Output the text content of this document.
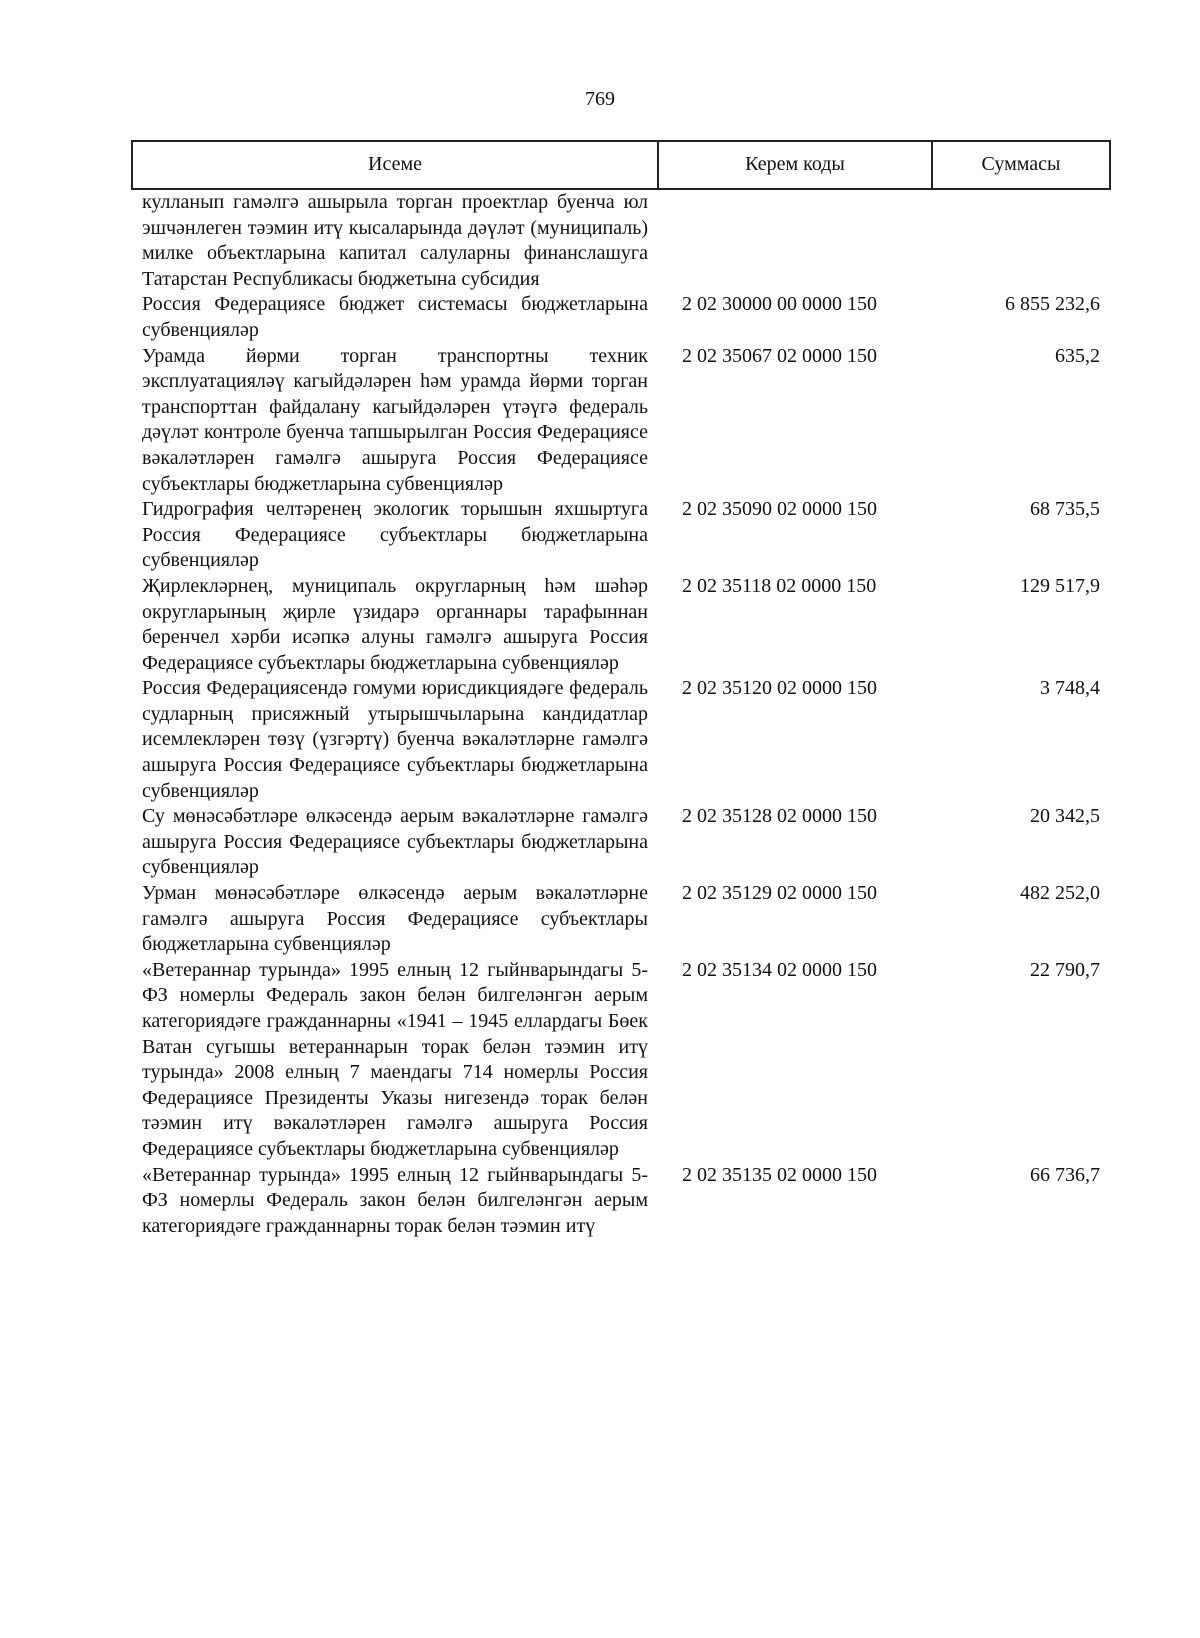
769
Исеме	Керем коды	Суммасы
кулланып гамәлгә ашырыла торган проектлар буенча юл эшчәнлеген тәэмин итү кысаларында дәүләт (муниципаль) милке объектларына капитал салуларны финанслашуга Татарстан Республикасы бюджетына субсидия		
Россия Федерациясе бюджет системасы бюджетларына субвенцияләр	2 02 30000 00 0000 150	6 855 232,6
Урамда йөрми торган транспортны техник эксплуатацияләү кагыйдәләрен һәм урамда йөрми торган транспорттан файдалану кагыйдәләрен үтәүгә федераль дәүләт контроле буенча тапшырылган Россия Федерациясе вәкаләтләрен гамәлгә ашыруга Россия Федерациясе субъектлары бюджетларына субвенцияләр	2 02 35067 02 0000 150	635,2
Гидрография челтәренең экологик торышын яхшыртуга Россия Федерациясе субъектлары бюджетларына субвенцияләр	2 02 35090 02 0000 150	68 735,5
Җирлекләрнең, муниципаль округларның һәм шәһәр округларының җирле үзидарә органнары тарафыннан беренчел хәрби исәпкә алуны гамәлгә ашыруга Россия Федерациясе субъектлары бюджетларына субвенцияләр	2 02 35118 02 0000 150	129 517,9
Россия Федерациясендә гомуми юрисдикциядәге федераль судларның присяжный утырышчыларына кандидатлар исемлекләрен төзү (үзгәртү) буенча вәкаләтләрне гамәлгә ашыруга Россия Федерациясе субъектлары бюджетларына субвенцияләр	2 02 35120 02 0000 150	3 748,4
Су мөнәсәбәтләре өлкәсендә аерым вәкаләтләрне гамәлгә ашыруга Россия Федерациясе субъектлары бюджетларына субвенцияләр	2 02 35128 02 0000 150	20 342,5
Урман мөнәсәбәтләре өлкәсендә аерым вәкаләтләрне гамәлгә ашыруга Россия Федерациясе субъектлары бюджетларына субвенцияләр	2 02 35129 02 0000 150	482 252,0
«Ветераннар турында» 1995 елның 12 гыйнварындагы 5-ФЗ номерлы Федераль закон белән билгеләнгән аерым категориядәге гражданнарны «1941 – 1945 еллардагы Бөек Ватан сугышы ветераннарын торак белән тәэмин итү турында» 2008 елның 7 маендагы 714 номерлы Россия Федерациясе Президенты Указы нигезендә торак белән тәэмин итү вәкаләтләрен гамәлгә ашыруга Россия Федерациясе субъектлары бюджетларына субвенцияләр	2 02 35134 02 0000 150	22 790,7
«Ветераннар турында» 1995 елның 12 гыйнварындагы 5-ФЗ номерлы Федераль закон белән билгеләнгән аерым категориядәге гражданнарны торак белән тәэмин итү	2 02 35135 02 0000 150	66 736,7
